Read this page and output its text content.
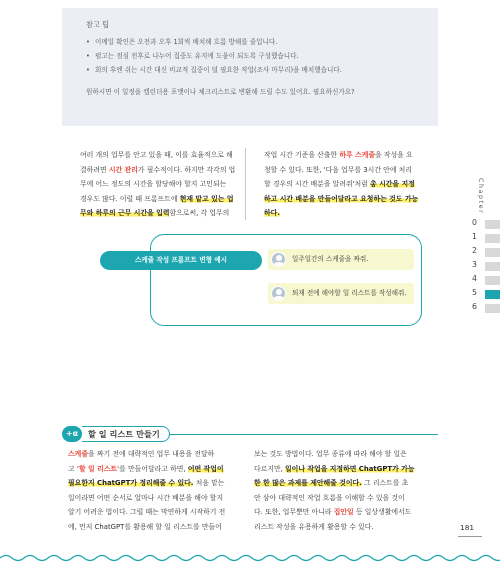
참고 팁
• 이메일 확인은 오전과 오후 1회씩 배치해 흐름 방해를 줄입니다.
• 펌고는 점심 전후로 나누어 집중도 유지에 도움이 되도록 구성했습니다.
• 회의 후엔 쉬는 시간 대신 비교적 집중이 덜 필요한 작업(조사 마무리)을 배치했습니다.
원하시면 이 일정을 캘린더용 포맷이나 체크리스트로 변환해 드릴 수도 있어요. 필요하신가요?
여러 개의 업무를 안고 있을 때, 이를 효율적으로 해
결하려면 시간 관리가 필수적이다. 하지만 각각의 업
무에 어느 정도의 시간을 할당해야 할지 고민되는
경우도 많다. 이럴 때 프롬프트에 현재 맡고 있는 업
무와 하루의 근무 시간을 입력함으로써, 각 업무의
작업 시간 기준을 산출한 하루 스케줄을 작성을 요
청할 수 있다. 또한, '다음 업무를 3시간 안에 처리
할 경우의 시간 배분을 알려줘'처럼 총 시간을 지정
하고 시간 배분을 만들어달라고 요청하는 것도 가능
하다.	Chapter
0
1
2
3
4
5
6
스케줄 작성 프롬프트 변형 예시	일주일간의 스케줄을 짜줘.
퇴재 전에 해야할 일 리스트를 작성해줘.
+α	할 일 리스트 만들기
스케줄을 짜기 전에 대략적인 업무 내용을 전달하
고 '할 일 리스트'를 만들어달라고 하면, 어떤 작업이
필요한지 ChatGPT가 정리해줄 수 있다. 처음 맡는
일이라면 어떤 순서로 얼마나 시간 배분을 해야 할지
알기 어려운 법이다. 그럴 때는 막연하게 시작하기 전
에, 먼저 ChatGPT를 활용해 할 일 리스트를 만들어
보는 것도 방법이다. 업무 종류에 따라 해야 할 일은
다르지만, 일이나 작업을 지정하면 ChatGPT가 가능
한 한 많은 과제를 제안해줄 것이다. 그 리스트를 초
안 삼아 대략적인 작업 흐름을 이해할 수 있을 것이
다. 또한, 업무뿐만 아니라 집안일 등 일상생활에서도
리스트 작성을 유용하게 활용할 수 있다.	181
